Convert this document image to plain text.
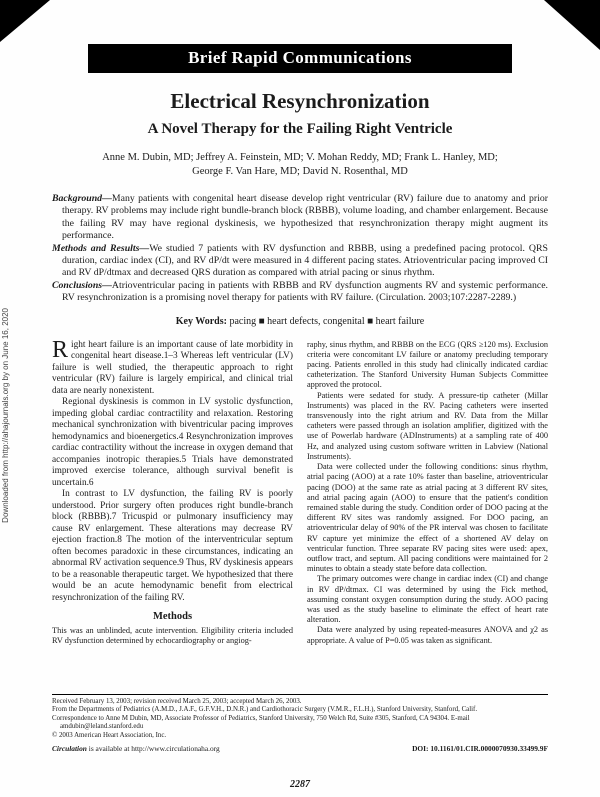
Brief Rapid Communications
Electrical Resynchronization
A Novel Therapy for the Failing Right Ventricle
Anne M. Dubin, MD; Jeffrey A. Feinstein, MD; V. Mohan Reddy, MD; Frank L. Hanley, MD;
George F. Van Hare, MD; David N. Rosenthal, MD

Background—Many patients with congenital heart disease develop right ventricular (RV) failure due to anatomy and prior therapy. RV problems may include right bundle-branch block (RBBB), volume loading, and chamber enlargement. Because the failing RV may have regional dyskinesis, we hypothesized that resynchronization therapy might augment its performance.

Methods and Results—We studied 7 patients with RV dysfunction and RBBB, using a predefined pacing protocol. QRS duration, cardiac index (CI), and RV dP/dt were measured in 4 different pacing states. Atrioventricular pacing improved CI and RV dP/dtmax and decreased QRS duration as compared with atrial pacing or sinus rhythm.

Conclusions—Atrioventricular pacing in patients with RBBB and RV dysfunction augments RV and systemic performance. RV resynchronization is a promising novel therapy for patients with RV failure. (Circulation. 2003;107:2287-2289.)

Key Words: pacing ■ heart defects, congenital ■ heart failure

Right heart failure is an important cause of late morbidity in congenital heart disease.1–3 Whereas left ventricular (LV) failure is well studied, the therapeutic approach to right ventricular (RV) failure is largely empirical, and clinical trial data are nearly nonexistent.

Regional dyskinesis is common in LV systolic dysfunction, impeding global cardiac contractility and relaxation. Restoring mechanical synchronization with biventricular pacing improves hemodynamics and bioenergetics.4 Resynchronization improves cardiac contractility without the increase in oxygen demand that accompanies inotropic therapies.5 Trials have demonstrated improved exercise tolerance, although survival benefit is uncertain.6

In contrast to LV dysfunction, the failing RV is poorly understood. Prior surgery often produces right bundle-branch block (RBBB).7 Tricuspid or pulmonary insufficiency may cause RV enlargement. These alterations may decrease RV ejection fraction.8 The motion of the interventricular septum often becomes paradoxic in these circumstances, indicating an abnormal RV activation sequence.9 Thus, RV dyskinesis appears to be a reasonable therapeutic target. We hypothesized that there would be an acute hemodynamic benefit from electrical resynchronization of the failing RV.

Methods

This was an unblinded, acute intervention. Eligibility criteria included RV dysfunction determined by echocardiography or angiog-

raphy, sinus rhythm, and RBBB on the ECG (QRS ≥120 ms). Exclusion criteria were concomitant LV failure or anatomy precluding temporary pacing. Patients enrolled in this study had clinically indicated cardiac catheterization. The Stanford University Human Subjects Committee approved the protocol.

Patients were sedated for study. A pressure-tip catheter (Millar Instruments) was placed in the RV. Pacing catheters were inserted transvenously into the right atrium and RV. Data from the Millar catheters were passed through an isolation amplifier, digitized with the use of Powerlab hardware (ADInstruments) at a sampling rate of 400 Hz, and analyzed using custom software written in Labview (National Instruments).

Data were collected under the following conditions: sinus rhythm, atrial pacing (AOO) at a rate 10% faster than baseline, atrioventricular pacing (DOO) at the same rate as atrial pacing at 3 different RV sites, and atrial pacing again (AOO) to ensure that the patient's condition remained stable during the study. Condition order of DOO pacing at the different RV sites was randomly assigned. For DOO pacing, an atrioventricular delay of 90% of the PR interval was chosen to facilitate RV capture yet minimize the effect of a shortened AV delay on ventricular function. Three separate RV pacing sites were used: apex, outflow tract, and septum. All pacing conditions were maintained for 2 minutes to obtain a steady state before data collection.

The primary outcomes were change in cardiac index (CI) and change in RV dP/dtmax. CI was determined by using the Fick method, assuming constant oxygen consumption during the study. AOO pacing was used as the study baseline to eliminate the effect of heart rate alteration.

Data were analyzed by using repeated-measures ANOVA and χ2 as appropriate. A value of P=0.05 was taken as significant.

Downloaded from http://ahajournals.org by on June 16, 2020

Received February 13, 2003; revision received March 25, 2003; accepted March 26, 2003.

From the Departments of Pediatrics (A.M.D., J.A.F., G.F.V.H., D.N.R.) and Cardiothoracic Surgery (V.M.R., F.L.H.), Stanford University, Stanford, Calif.

Correspondence to Anne M Dubin, MD, Associate Professor of Pediatrics, Stanford University, 750 Welch Rd, Suite #305, Stanford, CA 94304. E-mail amdubin@leland.stanford.edu

© 2003 American Heart Association, Inc.

Circulation is available at http://www.circulationaha.org	DOI: 10.1161/01.CIR.0000070930.33499.9F
2287
